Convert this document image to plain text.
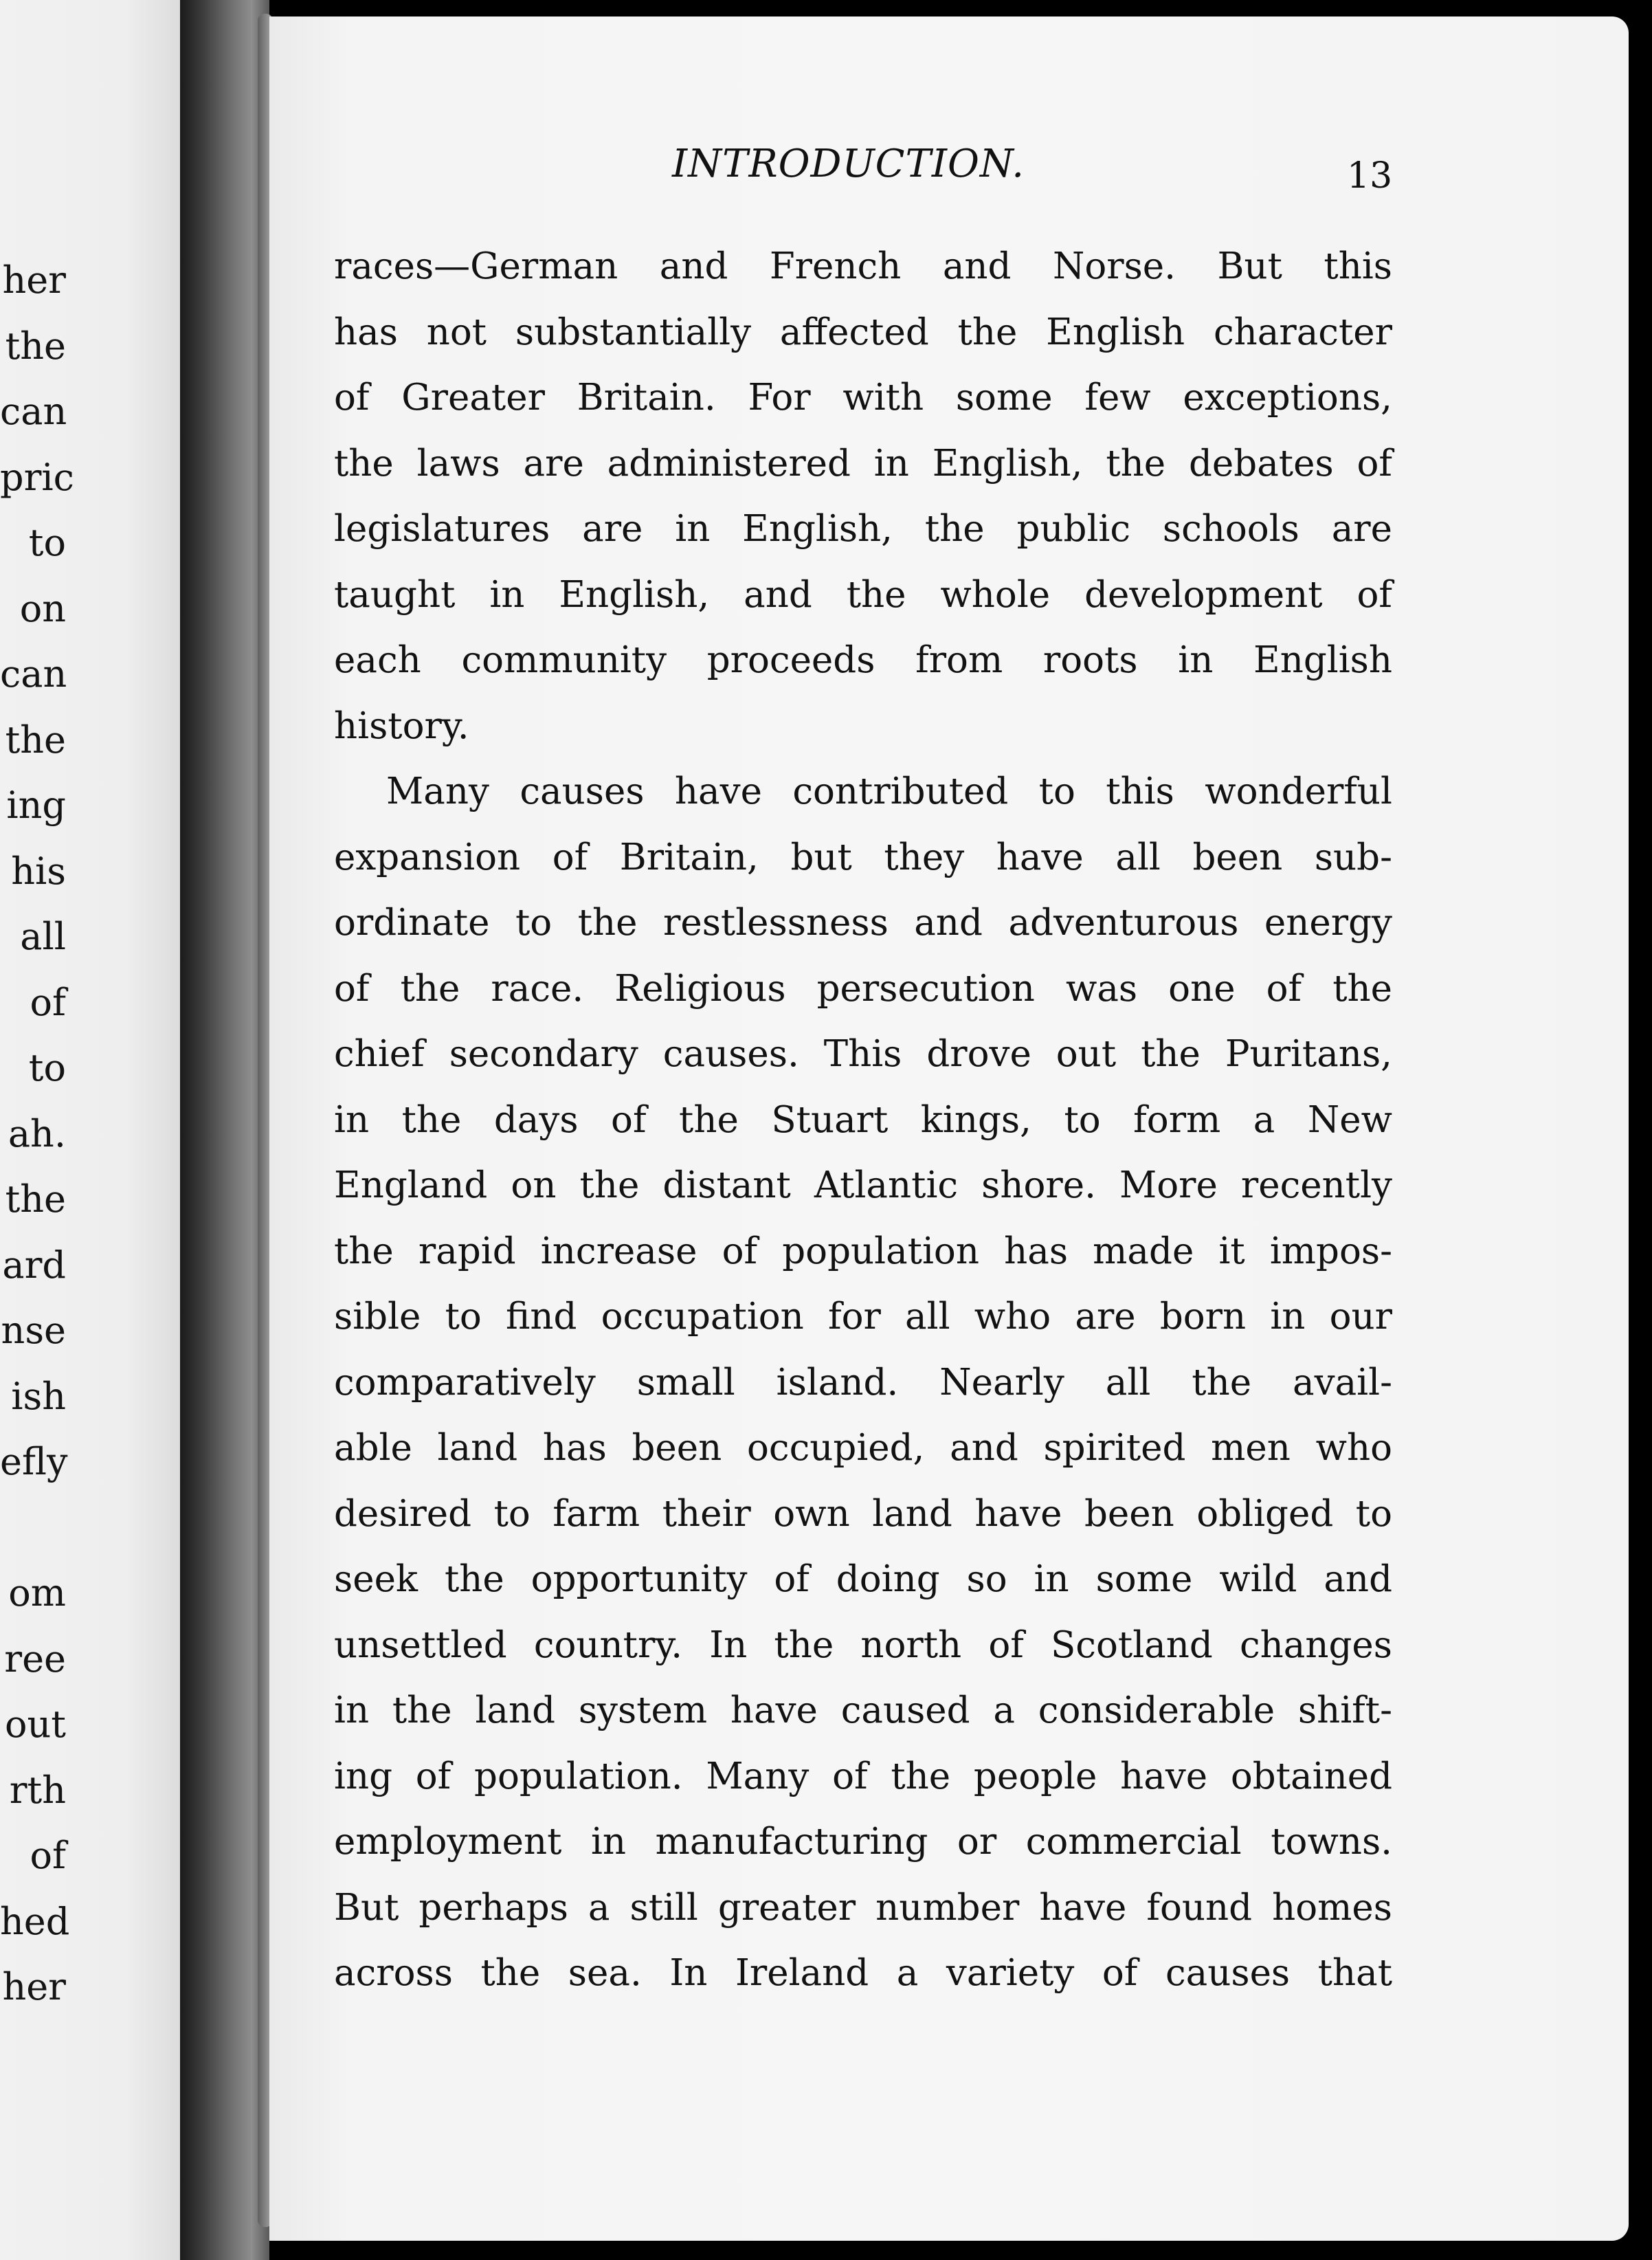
her
the
can
pric
to
on
can
the
ing
his
all
of
to
ah.
the
ard
nse
ish
efly
om
ree
out
rth
of
hed
her
INTRODUCTION.	13
races—German and French and Norse. But this
has not substantially affected the English character
of Greater Britain. For with some few exceptions,
the laws are administered in English, the debates of
legislatures are in English, the public schools are
taught in English, and the whole development of
each community proceeds from roots in English
history.
Many causes have contributed to this wonderful
expansion of Britain, but they have all been sub-
ordinate to the restlessness and adventurous energy
of the race. Religious persecution was one of the
chief secondary causes. This drove out the Puritans,
in the days of the Stuart kings, to form a New
England on the distant Atlantic shore. More recently
the rapid increase of population has made it impos-
sible to find occupation for all who are born in our
comparatively small island. Nearly all the avail-
able land has been occupied, and spirited men who
desired to farm their own land have been obliged to
seek the opportunity of doing so in some wild and
unsettled country. In the north of Scotland changes
in the land system have caused a considerable shift-
ing of population. Many of the people have obtained
employment in manufacturing or commercial towns.
But perhaps a still greater number have found homes
across the sea. In Ireland a variety of causes that
